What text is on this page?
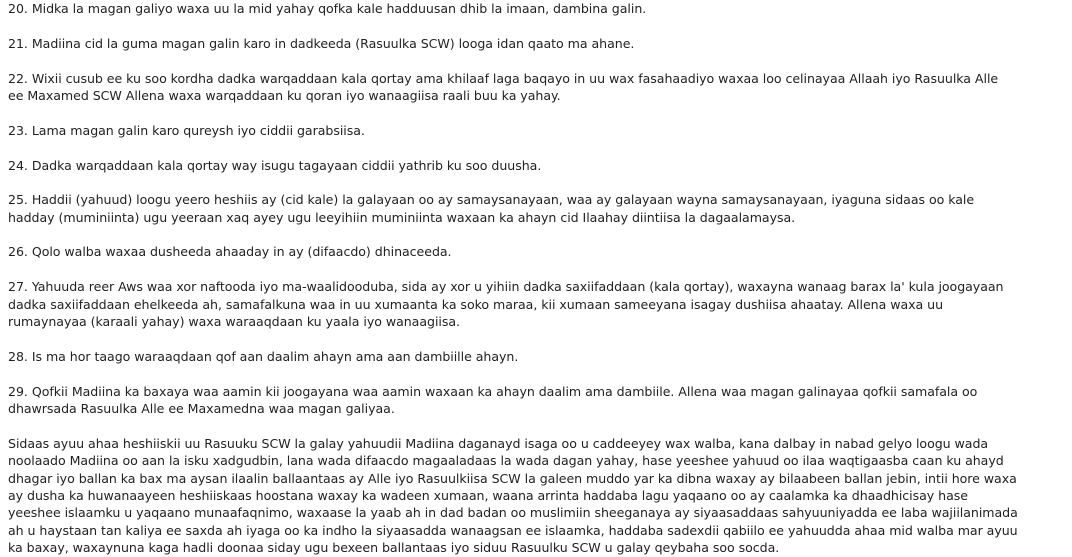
20. Midka la magan galiyo waxa uu la mid yahay qofka kale hadduusan dhib la imaan, dambina galin.
21. Madiina cid la guma magan galin karo in dadkeeda (Rasuulka SCW) looga idan qaato ma ahane.
22. Wixii cusub ee ku soo kordha dadka warqaddaan kala qortay ama khilaaf laga baqayo in uu wax fasahaadiyo waxaa loo celinayaa Allaah iyo Rasuulka Alle
ee Maxamed SCW Allena waxa warqaddaan ku qoran iyo wanaagiisa raali buu ka yahay.
23. Lama magan galin karo qureysh iyo ciddii garabsiisa.
24. Dadka warqaddaan kala qortay way isugu tagayaan ciddii yathrib ku soo duusha.
25. Haddii (yahuud) loogu yeero heshiis ay (cid kale) la galayaan oo ay samaysanayaan, waa ay galayaan wayna samaysanayaan, iyaguna sidaas oo kale
hadday (muminiinta) ugu yeeraan xaq ayey ugu leeyihiin muminiinta waxaan ka ahayn cid Ilaahay diintiisa la dagaalamaysa.
26. Qolo walba waxaa dusheeda ahaaday in ay (difaacdo) dhinaceeda.
27. Yahuuda reer Aws waa xor naftooda iyo ma-waalidooduba, sida ay xor u yihiin dadka saxiifaddaan (kala qortay), waxayna wanaag barax la' kula joogayaan
dadka saxiifaddaan ehelkeeda ah, samafalkuna waa in uu xumaanta ka soko maraa, kii xumaan sameeyana isagay dushiisa ahaatay. Allena waxa uu
rumaynayaa (karaali yahay) waxa waraaqdaan ku yaala iyo wanaagiisa.
28. Is ma hor taago waraaqdaan qof aan daalim ahayn ama aan dambiille ahayn.
29. Qofkii Madiina ka baxaya waa aamin kii joogayana waa aamin waxaan ka ahayn daalim ama dambiile. Allena waa magan galinayaa qofkii samafala oo
dhawrsada Rasuulka Alle ee Maxamedna waa magan galiyaa.
Sidaas ayuu ahaa heshiiskii uu Rasuuku SCW la galay yahuudii Madiina daganayd isaga oo u caddeeyey wax walba, kana dalbay in nabad gelyo loogu wada
noolaado Madiina oo aan la isku xadgudbin, lana wada difaacdo magaaladaas la wada dagan yahay, hase yeeshee yahuud oo ilaa waqtigaasba caan ku ahayd
dhagar iyo ballan ka bax ma aysan ilaalin ballaantaas ay Alle iyo Rasuulkiisa SCW la galeen muddo yar ka dibna waxay ay bilaabeen ballan jebin, intii hore waxa
ay dusha ka huwanaayeen heshiiskaas hoostana waxay ka wadeen xumaan, waana arrinta haddaba lagu yaqaano oo ay caalamka ka dhaadhicisay hase
yeeshee islaamku u yaqaano munaafaqnimo, waxaase la yaab ah in dad badan oo muslimiin sheeganaya ay siyaasaddaas sahyuuniyadda ee laba wajiilanimada
ah u haystaan tan kaliya ee saxda ah iyaga oo ka indho la siyaasadda wanaagsan ee islaamka, haddaba sadexdii qabiilo ee yahuudda ahaa mid walba mar ayuu
ka baxay, waxaynuna kaga hadli doonaa siday ugu bexeen ballantaas iyo siduu Rasuulku SCW u galay qeybaha soo socda.
